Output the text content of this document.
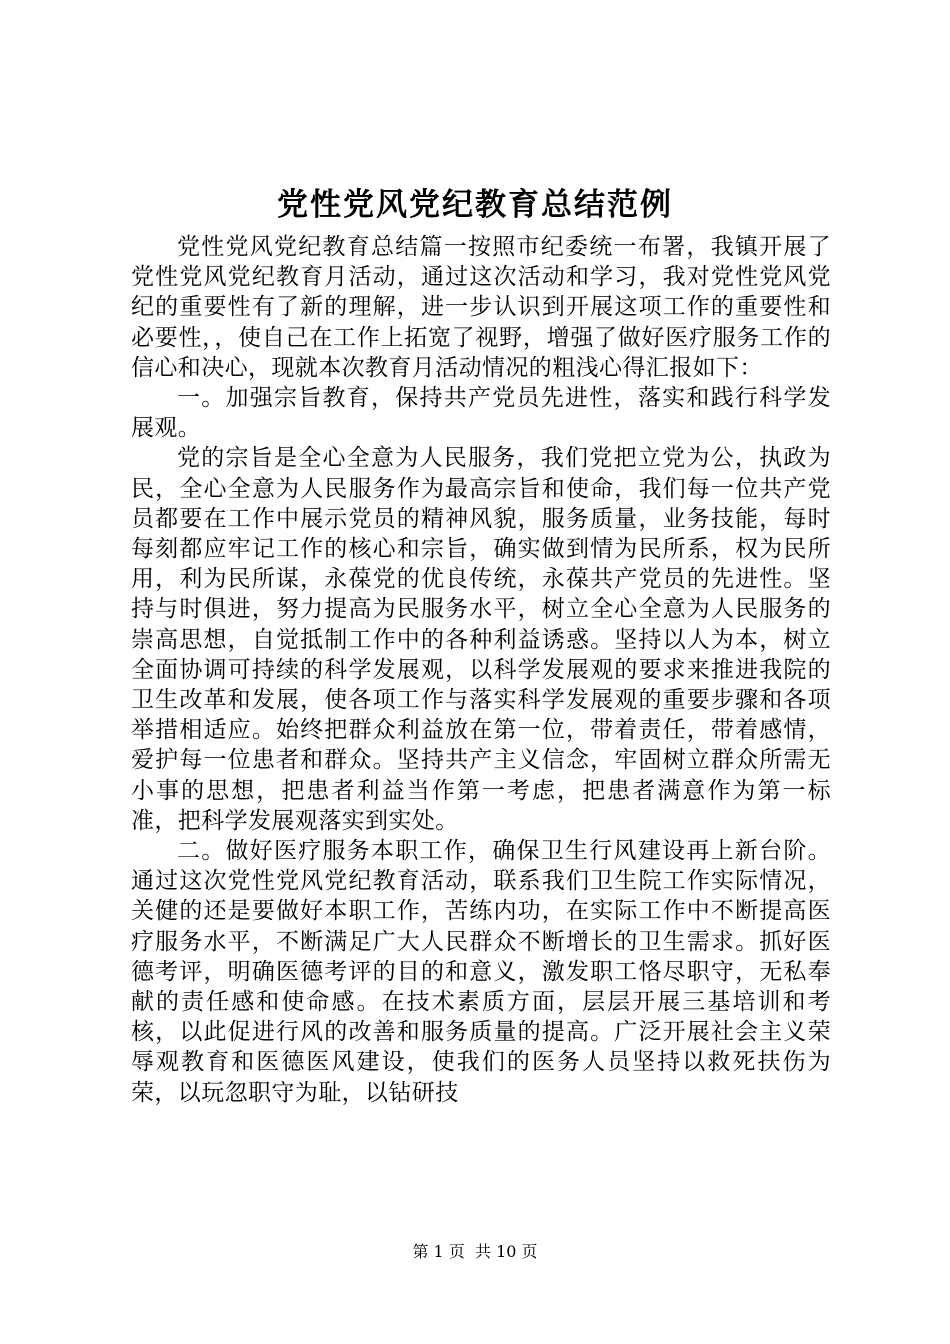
党性党风党纪教育总结范例

党性党风党纪教育总结篇一按照市纪委统一布署，我镇开展了党性党风党纪教育月活动，通过这次活动和学习，我对党性党风党纪的重要性有了新的理解，进一步认识到开展这项工作的重要性和必要性，，使自己在工作上拓宽了视野，增强了做好医疗服务工作的信心和决心，现就本次教育月活动情况的粗浅心得汇报如下：

一。加强宗旨教育，保持共产党员先进性，落实和践行科学发展观。

党的宗旨是全心全意为人民服务，我们党把立党为公，执政为民，全心全意为人民服务作为最高宗旨和使命，我们每一位共产党员都要在工作中展示党员的精神风貌，服务质量，业务技能，每时每刻都应牢记工作的核心和宗旨，确实做到情为民所系，权为民所用，利为民所谋，永葆党的优良传统，永葆共产党员的先进性。坚持与时俱进，努力提高为民服务水平，树立全心全意为人民服务的崇高思想，自觉抵制工作中的各种利益诱惑。坚持以人为本，树立全面协调可持续的科学发展观，以科学发展观的要求来推进我院的卫生改革和发展，使各项工作与落实科学发展观的重要步骤和各项举措相适应。始终把群众利益放在第一位，带着责任，带着感情，爱护每一位患者和群众。坚持共产主义信念，牢固树立群众所需无小事的思想，把患者利益当作第一考虑，把患者满意作为第一标准，把科学发展观落实到实处。

二。做好医疗服务本职工作，确保卫生行风建设再上新台阶。通过这次党性党风党纪教育活动，联系我们卫生院工作实际情况，关健的还是要做好本职工作，苦练内功，在实际工作中不断提高医疗服务水平，不断满足广大人民群众不断增长的卫生需求。抓好医德考评，明确医德考评的目的和意义，激发职工恪尽职守，无私奉献的责任感和使命感。在技术素质方面，层层开展三基培训和考核，以此促进行风的改善和服务质量的提高。广泛开展社会主义荣辱观教育和医德医风建设，使我们的医务人员坚持以救死扶伤为荣，以玩忽职守为耻，以钻研技

第 1 页  共 10 页
